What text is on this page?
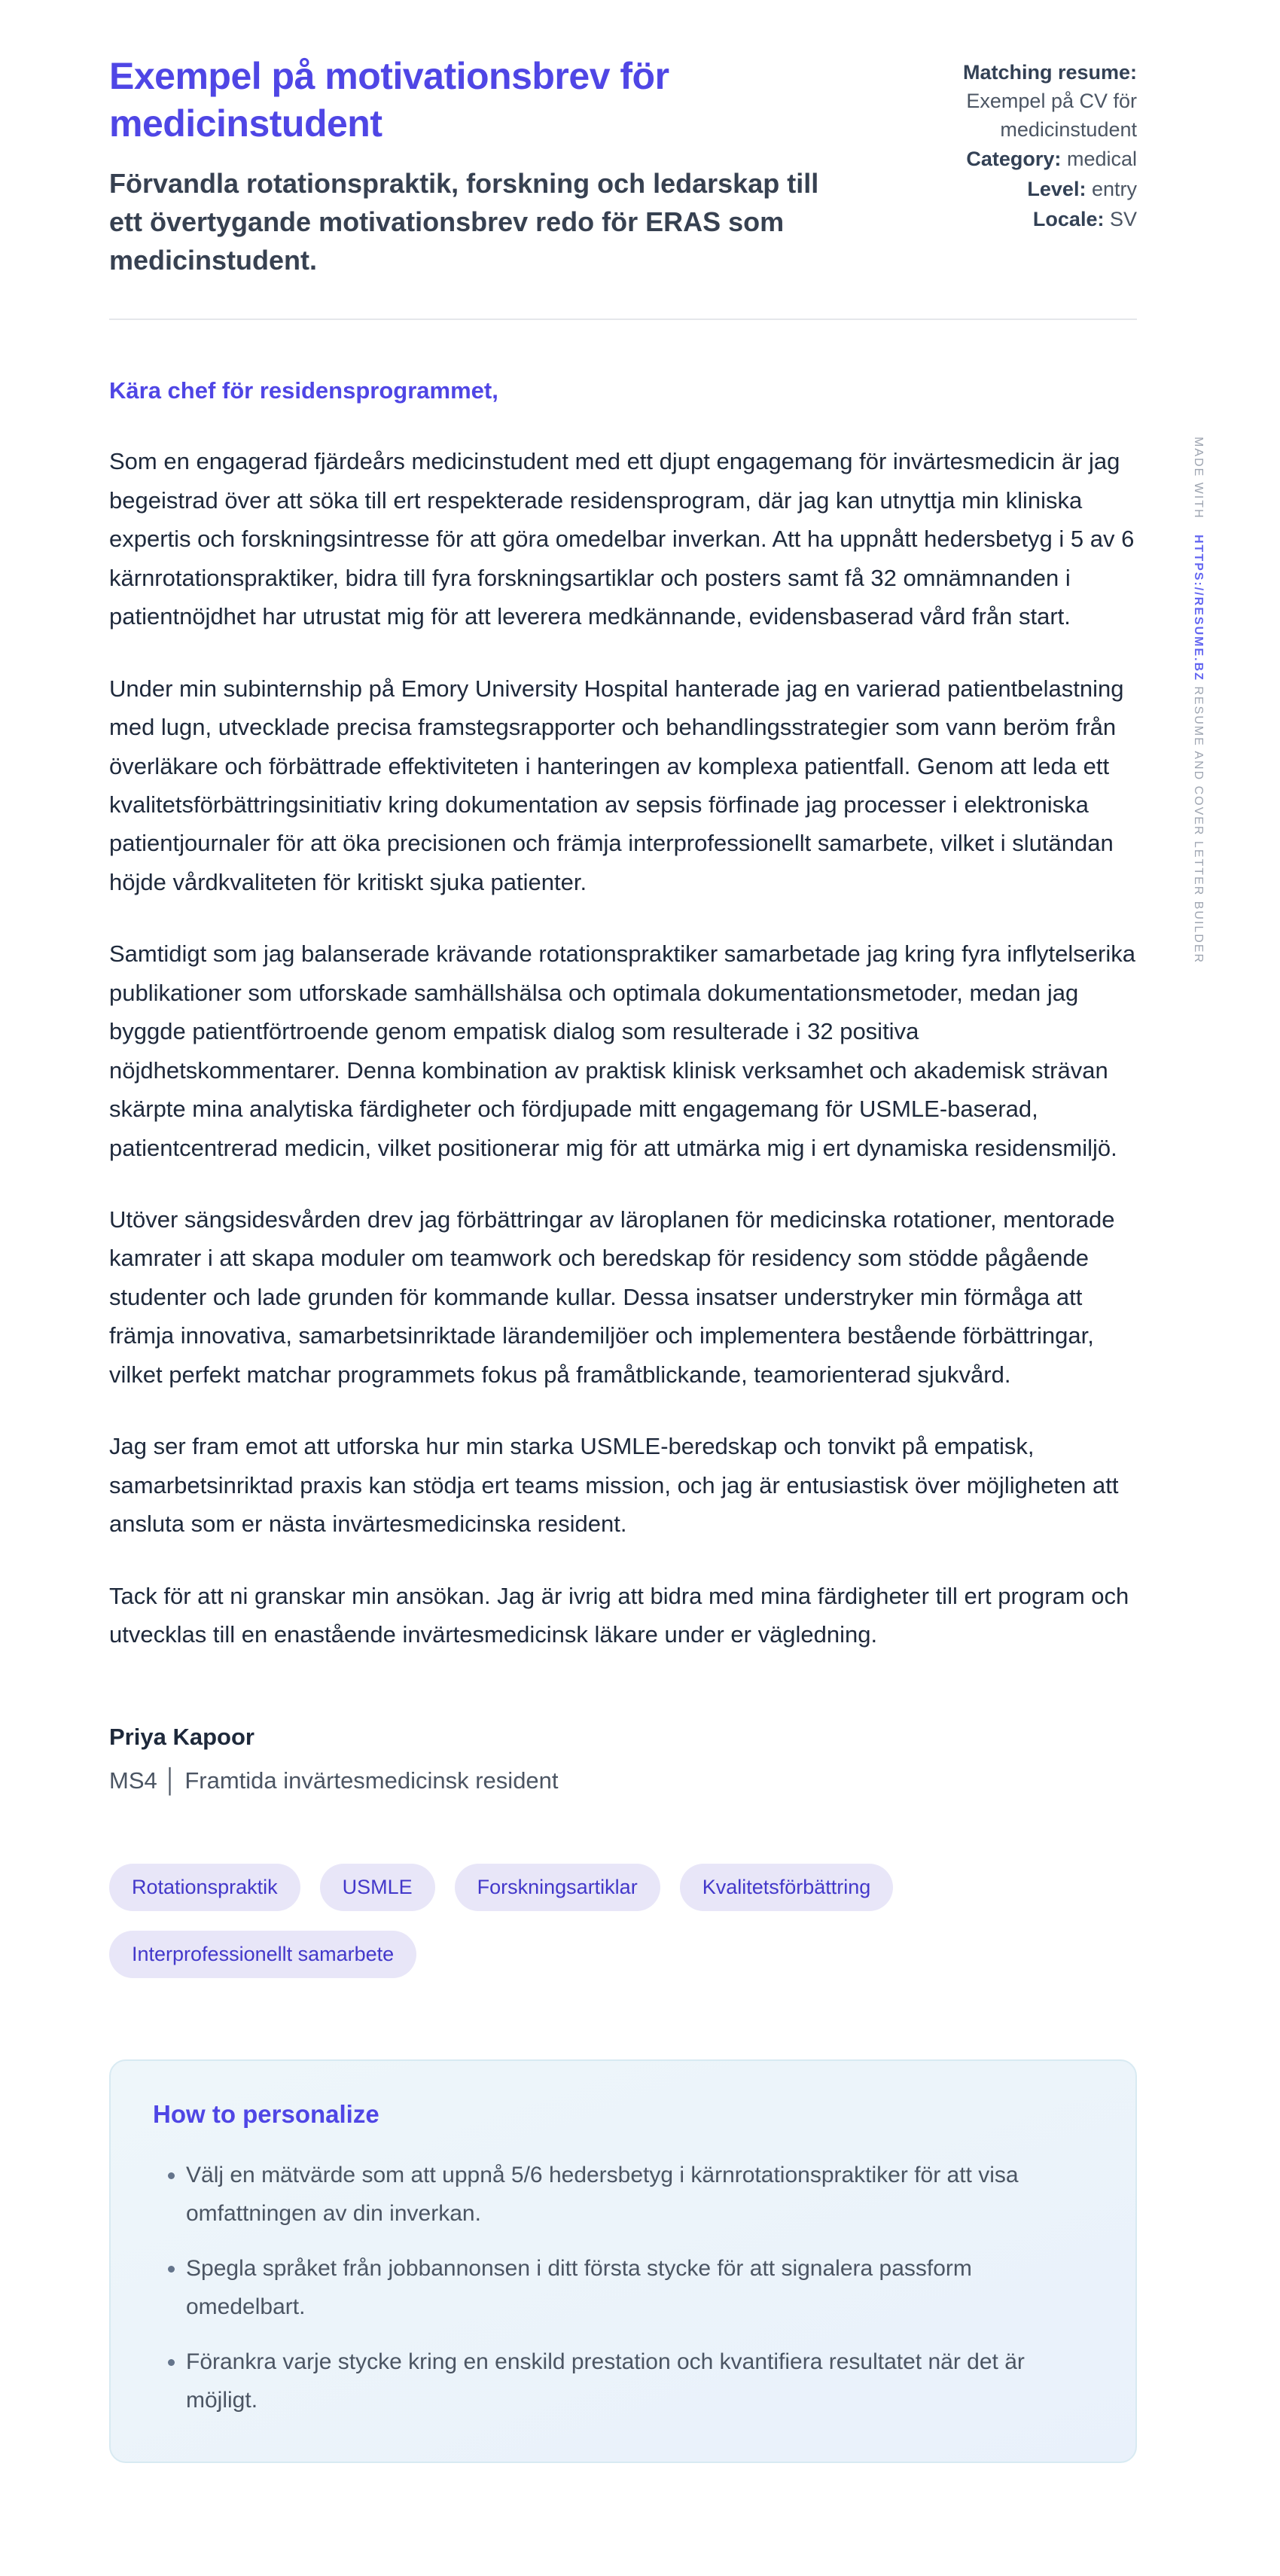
Exempel på motivationsbrev för medicinstudent
Förvandla rotationspraktik, forskning och ledarskap till ett övertygande motivationsbrev redo för ERAS som medicinstudent.
Matching resume:
Exempel på CV för medicinstudent
Category: medical
Level: entry
Locale: SV

Kära chef för residensprogrammet,

Som en engagerad fjärdeårs medicinstudent med ett djupt engagemang för invärtesmedicin är jag begeistrad över att söka till ert respekterade residensprogram, där jag kan utnyttja min kliniska expertis och forskningsintresse för att göra omedelbar inverkan. Att ha uppnått hedersbetyg i 5 av 6 kärnrotationspraktiker, bidra till fyra forskningsartiklar och posters samt få 32 omnämnanden i patientnöjdhet har utrustat mig för att leverera medkännande, evidensbaserad vård från start.

Under min subinternship på Emory University Hospital hanterade jag en varierad patientbelastning med lugn, utvecklade precisa framstegsrapporter och behandlingsstrategier som vann beröm från överläkare och förbättrade effektiviteten i hanteringen av komplexa patientfall. Genom att leda ett kvalitetsförbättringsinitiativ kring dokumentation av sepsis förfinade jag processer i elektroniska patientjournaler för att öka precisionen och främja interprofessionellt samarbete, vilket i slutändan höjde vårdkvaliteten för kritiskt sjuka patienter.

Samtidigt som jag balanserade krävande rotationspraktiker samarbetade jag kring fyra inflytelserika publikationer som utforskade samhällshälsa och optimala dokumentationsmetoder, medan jag byggde patientförtroende genom empatisk dialog som resulterade i 32 positiva nöjdhetskommentarer. Denna kombination av praktisk klinisk verksamhet och akademisk strävan skärpte mina analytiska färdigheter och fördjupade mitt engagemang för USMLE-baserad, patientcentrerad medicin, vilket positionerar mig för att utmärka mig i ert dynamiska residensmiljö.

Utöver sängsidesvården drev jag förbättringar av läroplanen för medicinska rotationer, mentorade kamrater i att skapa moduler om teamwork och beredskap för residency som stödde pågående studenter och lade grunden för kommande kullar. Dessa insatser understryker min förmåga att främja innovativa, samarbetsinriktade lärandemiljöer och implementera bestående förbättringar, vilket perfekt matchar programmets fokus på framåtblickande, teamorienterad sjukvård.

Jag ser fram emot att utforska hur min starka USMLE-beredskap och tonvikt på empatisk, samarbetsinriktad praxis kan stödja ert teams mission, och jag är entusiastisk över möjligheten att ansluta som er nästa invärtesmedicinska resident.

Tack för att ni granskar min ansökan. Jag är ivrig att bidra med mina färdigheter till ert program och utvecklas till en enastående invärtesmedicinsk läkare under er vägledning.

Priya Kapoor

MS4 │ Framtida invärtesmedicinsk resident

Rotationspraktik	USMLE	Forskningsartiklar	Kvalitetsförbättring
Interprofessionellt samarbete
How to personalize
• Välj en mätvärde som att uppnå 5/6 hedersbetyg i kärnrotationspraktiker för att visa omfattningen av din inverkan.
• Spegla språket från jobbannonsen i ditt första stycke för att signalera passform omedelbart.
• Förankra varje stycke kring en enskild prestation och kvantifiera resultatet när det är möjligt.
MADE WITH HTTPS://RESUME.BZ RESUME AND COVER LETTER BUILDER
